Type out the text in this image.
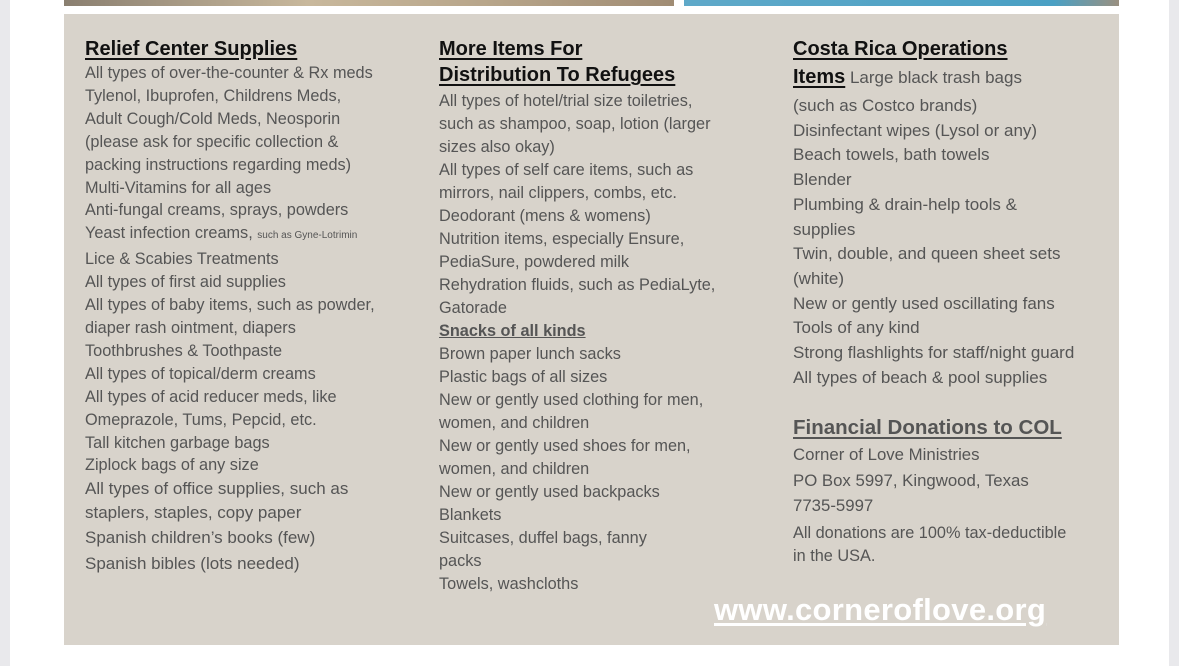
Relief Center Supplies
All types of over-the-counter & Rx meds
Tylenol, Ibuprofen, Childrens Meds,
Adult Cough/Cold Meds, Neosporin
(please ask for specific collection &
packing instructions regarding meds)
Multi-Vitamins for all ages
Anti-fungal creams, sprays, powders
Yeast infection creams, such as Gyne-Lotrimin
Lice & Scabies Treatments
All types of first aid supplies
All types of baby items, such as powder,
diaper rash ointment, diapers
Toothbrushes & Toothpaste
All types of topical/derm creams
All types of acid reducer meds, like
Omeprazole, Tums, Pepcid, etc.
Tall kitchen garbage bags
Ziplock bags of any size
All types of office supplies, such as
staplers, staples, copy paper
Spanish children’s books (few)
Spanish bibles (lots needed)
More Items For
Distribution To Refugees
All types of hotel/trial size toiletries,
such as shampoo, soap, lotion (larger
sizes also okay)
All types of self care items, such as
mirrors, nail clippers, combs, etc.
Deodorant (mens & womens)
Nutrition items, especially Ensure,
PediaSure, powdered milk
Rehydration fluids, such as PediaLyte,
Gatorade
Snacks of all kinds
Brown paper lunch sacks
Plastic bags of all sizes
New or gently used clothing for men,
women, and children
New or gently used shoes for men,
women, and children
New or gently used backpacks
Blankets
Suitcases, duffel bags, fanny
packs
Towels, washcloths
Costa Rica Operations
Items Large black trash bags
(such as Costco brands)
Disinfectant wipes (Lysol or any)
Beach towels, bath towels
Blender
Plumbing & drain-help tools &
supplies
Twin, double, and queen sheet sets
(white)
New or gently used oscillating fans
Tools of any kind
Strong flashlights for staff/night guard
All types of beach & pool supplies
Financial Donations to COL
Corner of Love Ministries
PO Box 5997, Kingwood, Texas
7735-5997
All donations are 100% tax-deductible
in the USA.
www.corneroflove.org
